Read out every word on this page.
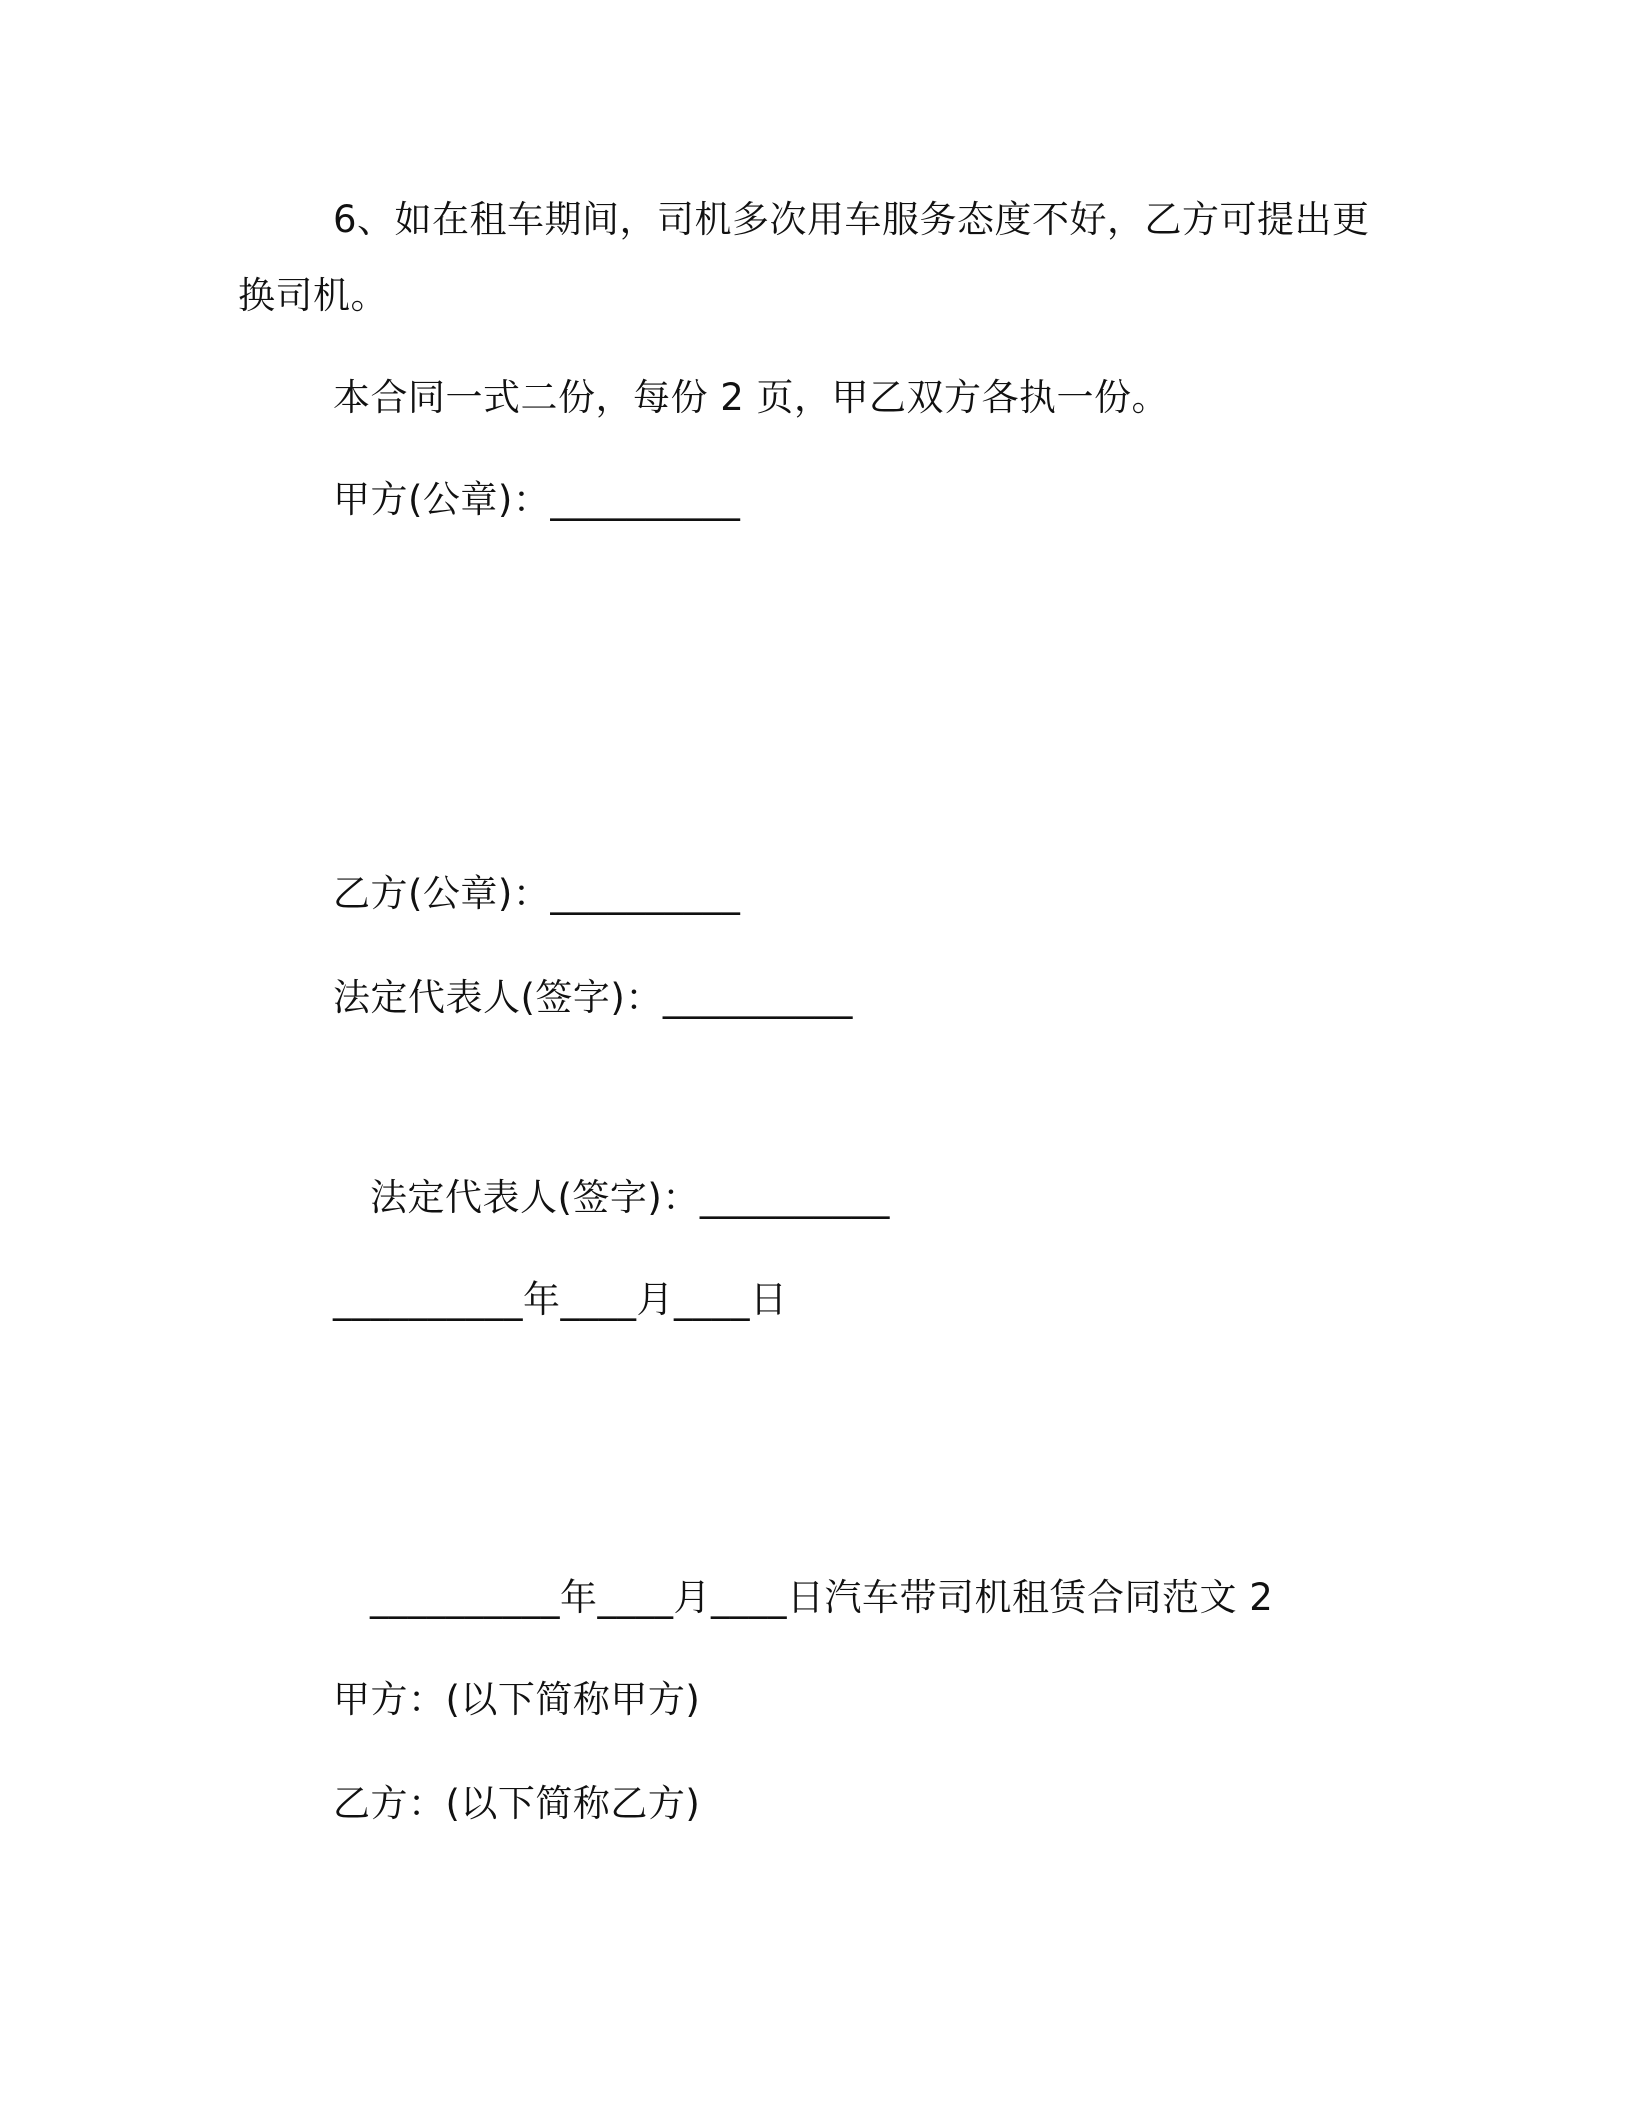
6、如在租车期间，司机多次用车服务态度不好，乙方可提出更
换司机。
本合同一式二份，每份 2 页，甲乙双方各执一份。
甲方(公章)：__________
乙方(公章)：__________
法定代表人(签字)：__________
法定代表人(签字)：__________
__________年____月____日
__________年____月____日汽车带司机租赁合同范文 2
甲方：(以下简称甲方)
乙方：(以下简称乙方)
